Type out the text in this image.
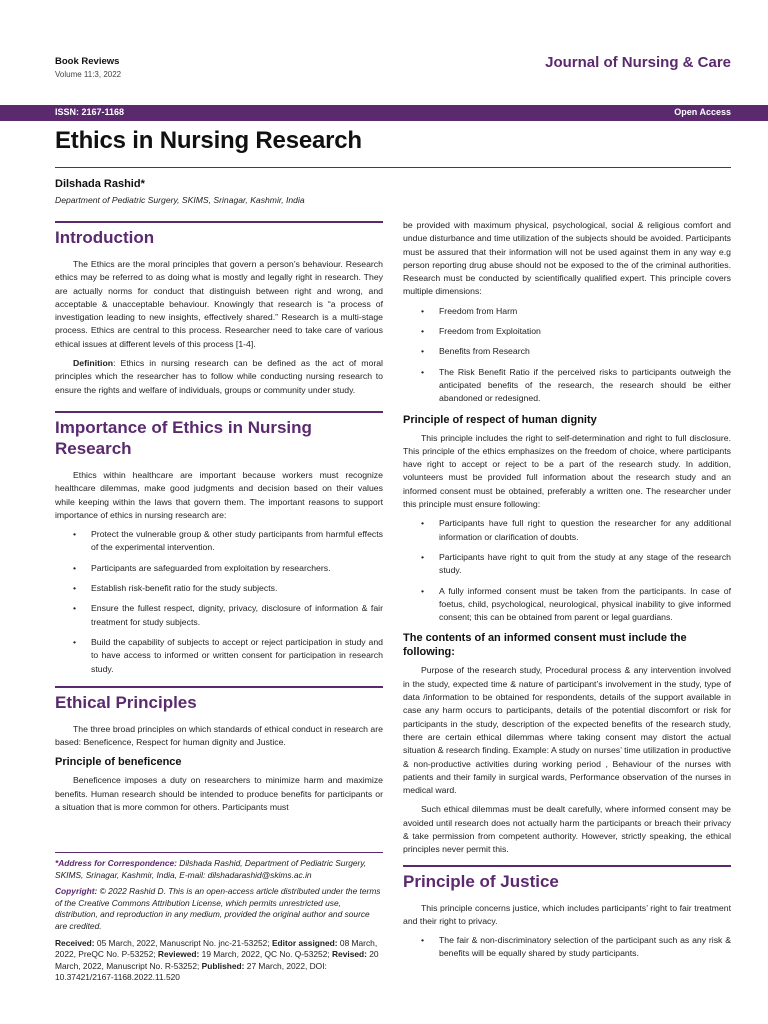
Book Reviews
Volume 11:3, 2022
Journal of Nursing & Care
ISSN: 2167-1168	Open Access
Ethics in Nursing Research
Dilshada Rashid*
Department of Pediatric Surgery, SKIMS, Srinagar, Kashmir, India
Introduction

The Ethics are the moral principles that govern a person’s behaviour. Research ethics may be referred to as doing what is mostly and legally right in research. They are actually norms for conduct that distinguish between right and wrong, and acceptable & unacceptable behaviour. Knowingly that research is “a process of investigation leading to new insights, effectively shared.” Research is a multi-stage process. Ethics are central to this process. Researcher need to take care of various ethical issues at different levels of this process [1-4].

Definition: Ethics in nursing research can be defined as the act of moral principles which the researcher has to follow while conducting nursing research to ensure the rights and welfare of individuals, groups or community under study.

Importance of Ethics in Nursing Research

Ethics within healthcare are important because workers must recognize healthcare dilemmas, make good judgments and decision based on their values while keeping within the laws that govern them. The important reasons to support importance of ethics in nursing research are:

• Protect the vulnerable group & other study participants from harmful effects of the experimental intervention.
• Participants are safeguarded from exploitation by researchers.
• Establish risk-benefit ratio for the study subjects.
• Ensure the fullest respect, dignity, privacy, disclosure of information & fair treatment for study subjects.
• Build the capability of subjects to accept or reject participation in study and to have access to informed or written consent for participation in research study.
Ethical Principles

The three broad principles on which standards of ethical conduct in research are based: Beneficence, Respect for human dignity and Justice.

Principle of beneficence

Beneficence imposes a duty on researchers to minimize harm and maximize benefits. Human research should be intended to produce benefits for participants or a situation that is more common for others. Participants must

*Address for Correspondence: Dilshada Rashid, Department of Pediatric Surgery, SKIMS, Srinagar, Kashmir, India, E-mail: dilshadarashid@skims.ac.in

Copyright: © 2022 Rashid D. This is an open-access article distributed under the terms of the Creative Commons Attribution License, which permits unrestricted use, distribution, and reproduction in any medium, provided the original author and source are credited.

Received: 05 March, 2022, Manuscript No. jnc-21-53252; Editor assigned: 08 March, 2022, PreQC No. P-53252; Reviewed: 19 March, 2022, QC No. Q-53252; Revised: 20 March, 2022, Manuscript No. R-53252; Published: 27 March, 2022, DOI: 10.37421/2167-1168.2022.11.520

be provided with maximum physical, psychological, social & religious comfort and undue disturbance and time utilization of the subjects should be avoided. Participants must be assured that their information will not be used against them in any way e.g person reporting drug abuse should not be exposed to the of the criminal authorities. Research must be conducted by scientifically qualified expert. This principle covers multiple dimensions:

• Freedom from Harm
• Freedom from Exploitation
• Benefits from Research
• The Risk Benefit Ratio if the perceived risks to participants outweigh the anticipated benefits of the research, the research should be either abandoned or redesigned.
Principle of respect of human dignity

This principle includes the right to self-determination and right to full disclosure. This principle of the ethics emphasizes on the freedom of choice, where participants have right to accept or reject to be a part of the research study. In addition, volunteers must be provided full information about the research study and an informed consent must be obtained, preferably a written one. The researcher under this principle must ensure following:

• Participants have full right to question the researcher for any additional information or clarification of doubts.
• Participants have right to quit from the study at any stage of the research study.
• A fully informed consent must be taken from the participants. In case of foetus, child, psychological, neurological, physical inability to give informed consent; this can be obtained from parent or legal guardians.
The contents of an informed consent must include the following:

Purpose of the research study, Procedural process & any intervention involved in the study, expected time & nature of participant’s involvement in the study, type of data /information to be obtained for respondents, details of the support available in case any harm occurs to participants, details of the potential discomfort or risk for participants in the study, description of the expected benefits of the research study, there are certain ethical dilemmas where taking consent may distort the actual situation & research finding. Example: A study on nurses’ time utilization in productive & non-productive activities during working period , Behaviour of the nurses with patients and their family in surgical wards, Performance observation of the nurses in medical ward.

Such ethical dilemmas must be dealt carefully, where informed consent may be avoided until research does not actually harm the participants or breach their privacy & take permission from competent authority. However, strictly speaking, the ethical principles never permit this.

Principle of Justice

This principle concerns justice, which includes participants’ right to fair treatment and their right to privacy.

• The fair & non-discriminatory selection of the participant such as any risk & benefits will be equally shared by study participants.
